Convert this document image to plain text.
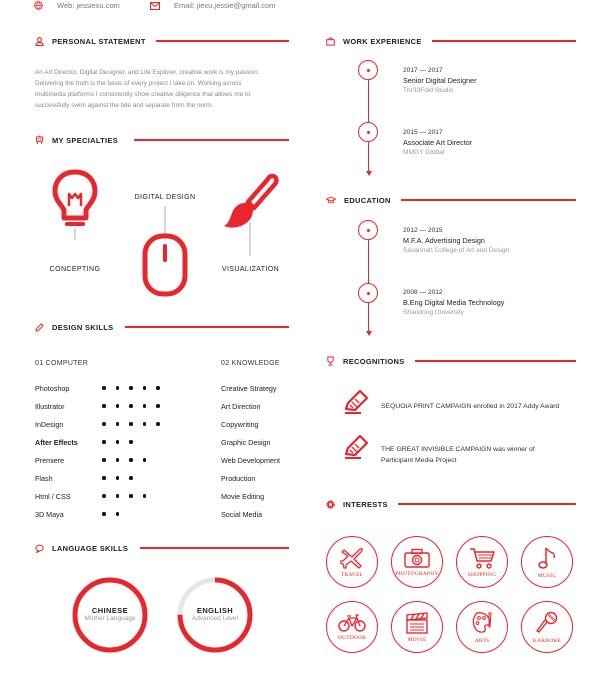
Web: jessiexu.com	Email: jiexu.jessie@gmail.com
PERSONAL STATEMENT
An Art Director, Digital Designer, and Life Explorer, creative work is my passion.
Delivering the truth is the basis of every project I take on. Working across
multimedia platforms I consistently show creative diligence that allows me to
successfully swim against the tide and separate from the norm.
MY SPECIALTIES
CONCEPTING
DIGITAL DESIGN
VISUALIZATION
DESIGN SKILLS
01 COMPUTER	02 KNOWLEDGE
Photoshop
Illustrator
InDesign
After Effects
Premiere
Flash
Html / CSS
3D Maya
Creative Strategy
Art Direction
Copywriting
Graphic Design
Web Development
Production
Movie Editing
Social Media
LANGUAGE SKILLS
CHINESE
Mother Language
ENGLISH
Advanced Level
WORK EXPERIENCE
2017 — 2017
Senior Digital Designer
Thr33Fold Studio
2015 — 2017
Associate Art Director
MMGY Global
EDUCATION
2012 — 2015
M.F.A. Advertising Design
Savannah College of Art and Design
2008 — 2012
B.Eng Digital Media Technology
Shandong University
RECOGNITIONS
SEQUOIA PRINT CAMPAIGN enrolled in 2017 Addy Award
THE GREAT INVISIBLE CAMPAIGN was winner of
Participant Media Project
INTERESTS
TRAVEL	PHOTOGRAPHY	SHOPPING	MUSIC
OUTDOOR	MOVIE	ARTS	KARAOKE
